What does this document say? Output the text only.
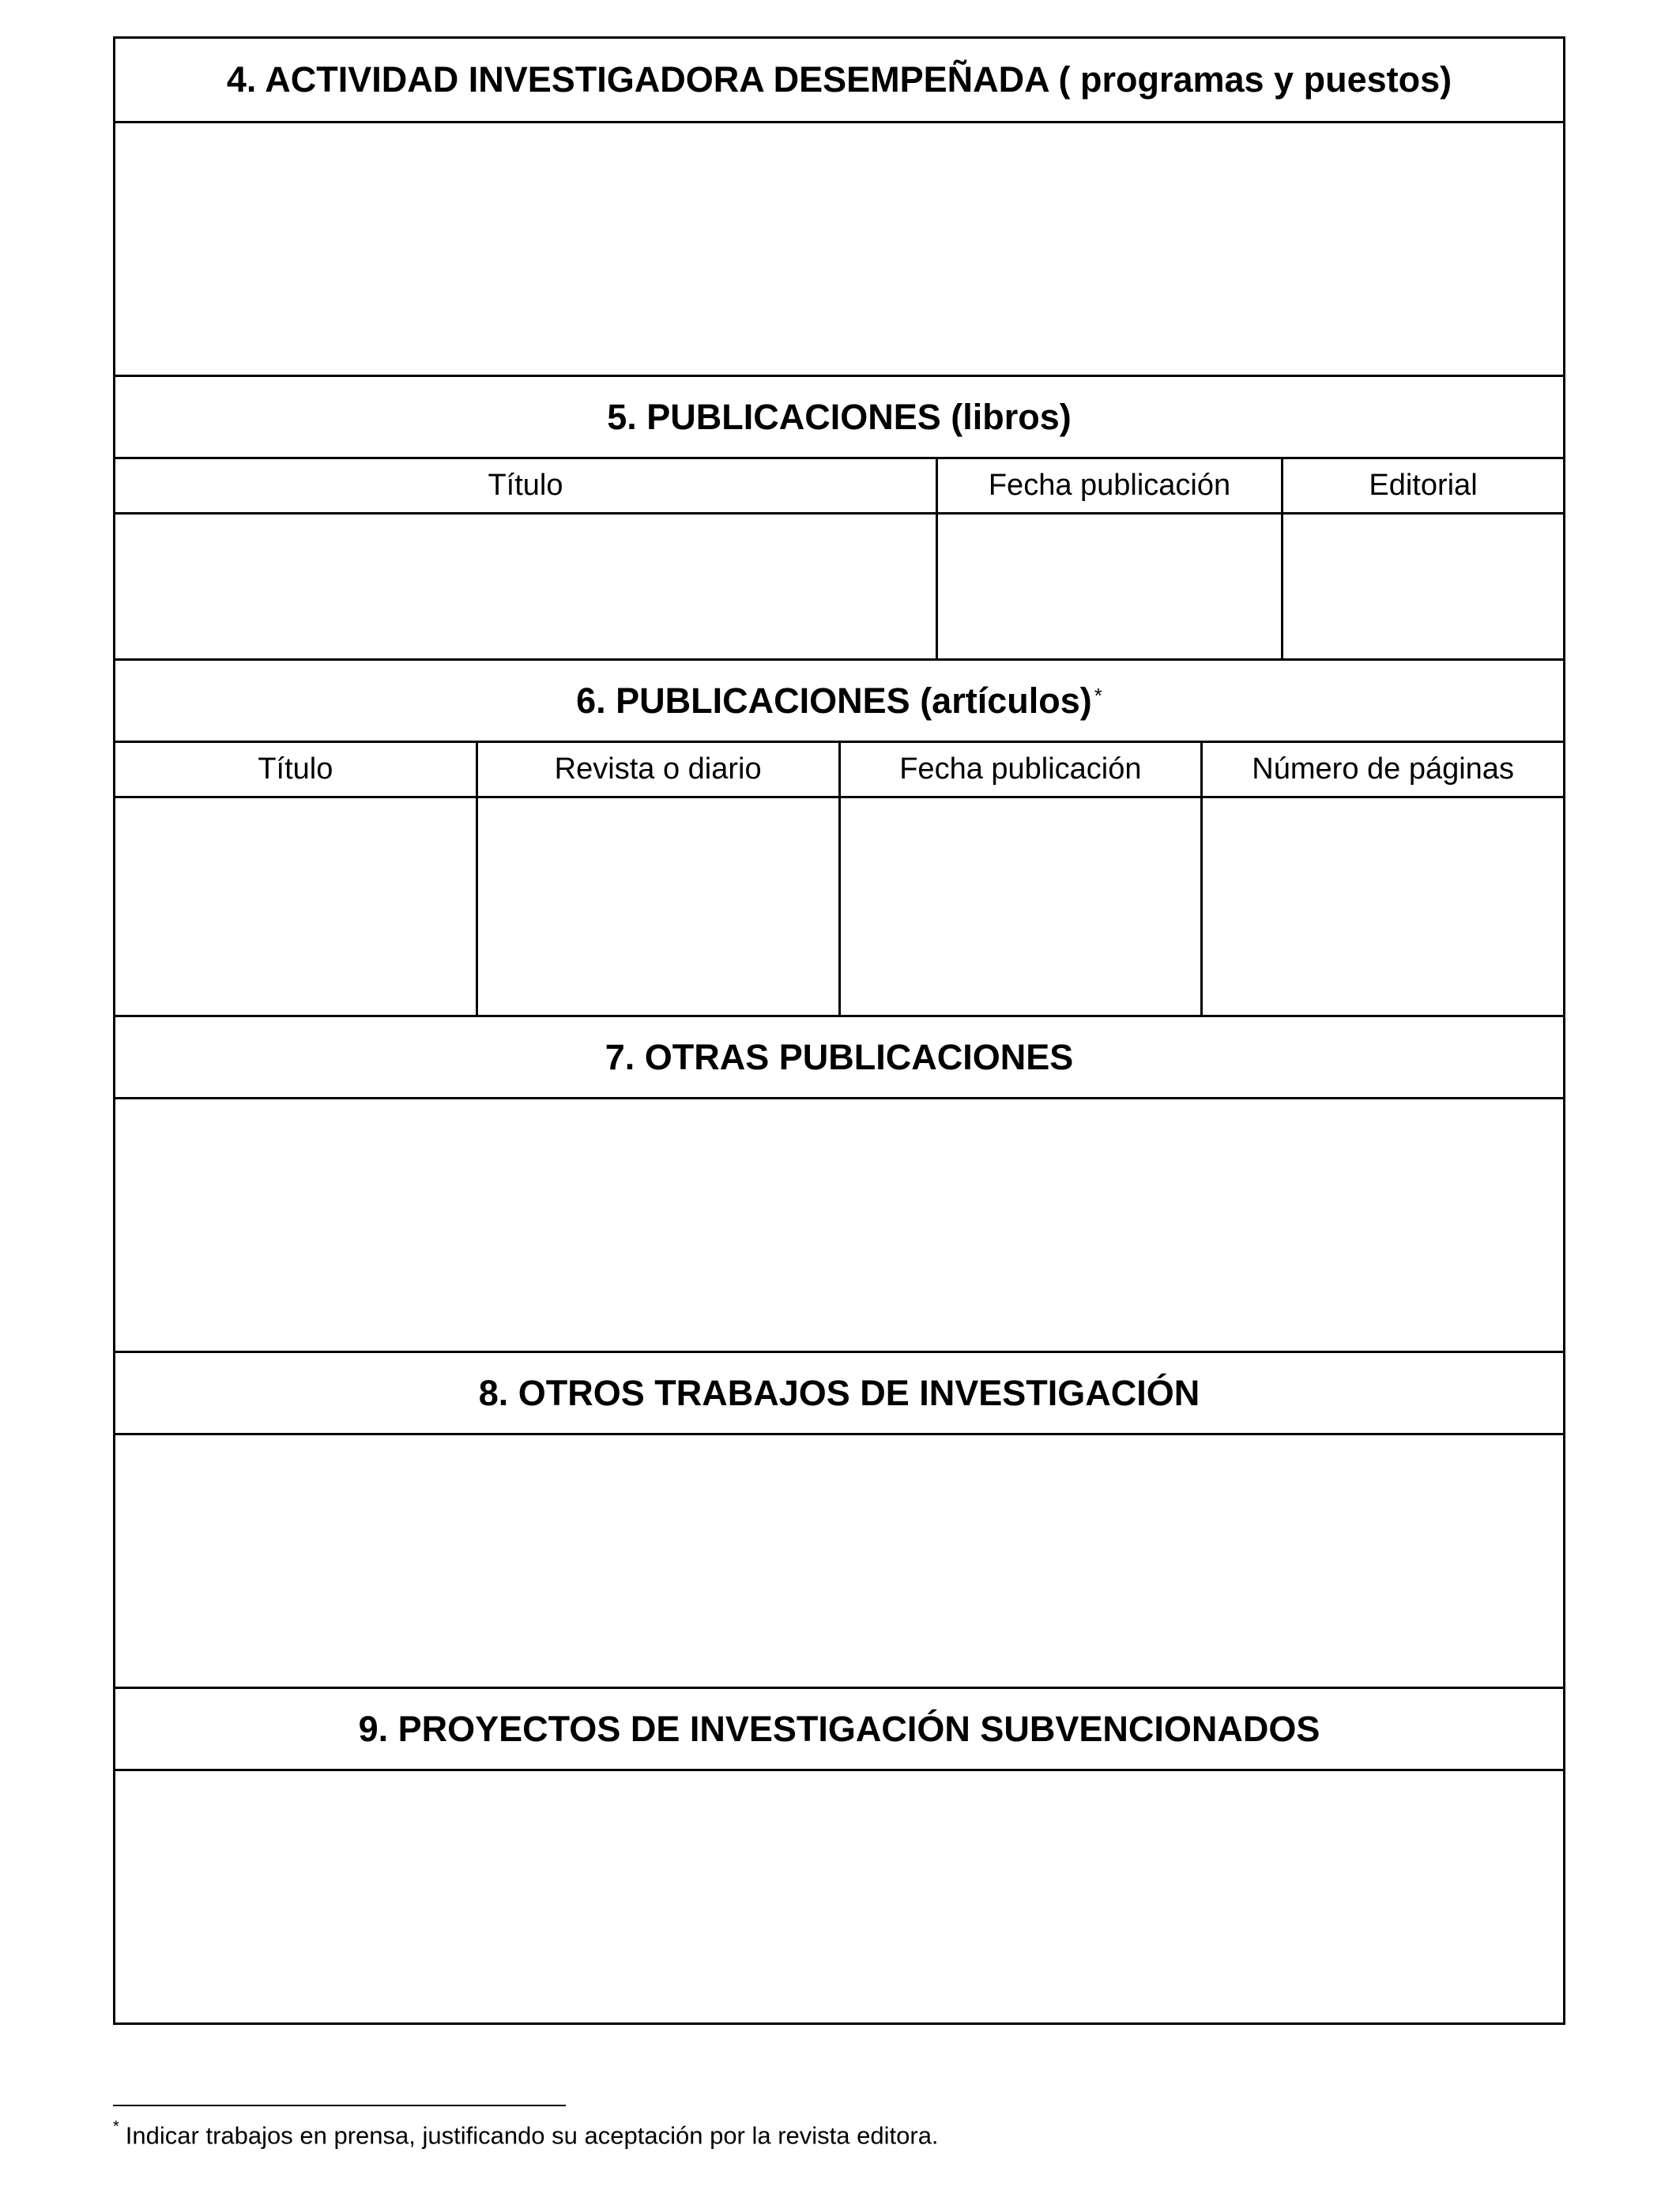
4. ACTIVIDAD INVESTIGADORA DESEMPEÑADA ( programas y puestos)
5. PUBLICACIONES (libros)
Título	Fecha publicación	Editorial
6. PUBLICACIONES (artículos)*
Título	Revista o diario	Fecha publicación	Número de páginas
7. OTRAS PUBLICACIONES
8. OTROS TRABAJOS DE INVESTIGACIÓN
9. PROYECTOS DE INVESTIGACIÓN SUBVENCIONADOS
* Indicar trabajos en prensa, justificando su aceptación por la revista editora.
